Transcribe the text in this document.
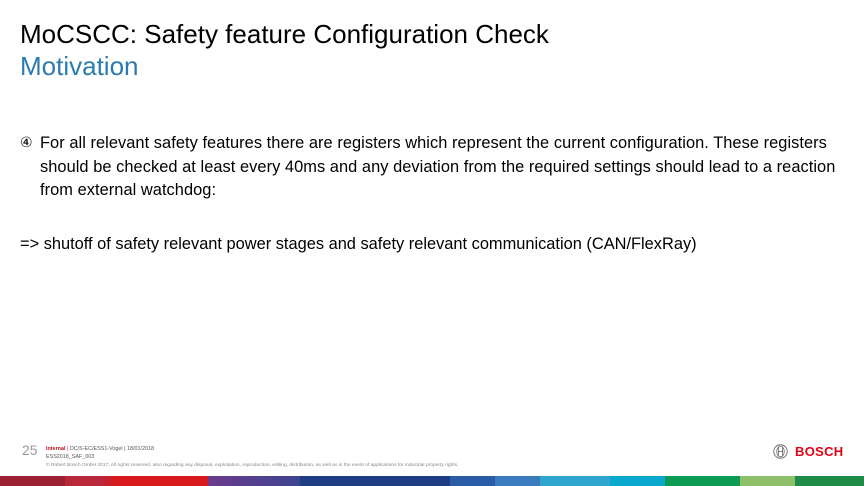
MoCSCC: Safety feature Configuration Check
Motivation
④ For all relevant safety features there are registers which represent the current configuration. These registers should be checked at least every 40ms and any deviation from the required settings should lead to a reaction from external watchdog:
=> shutoff of safety relevant power stages and safety relevant communication (CAN/FlexRay)
25 Internal | DC/S-EC/ESS1-Vogel | 18/01/2018
ESS2018_SAF_003
© Robert Bosch GmbH 2017. All rights reserved, also regarding any disposal, exploitation, reproduction, editing, distribution, as well as in the event of applications for industrial property rights.
BOSCH
